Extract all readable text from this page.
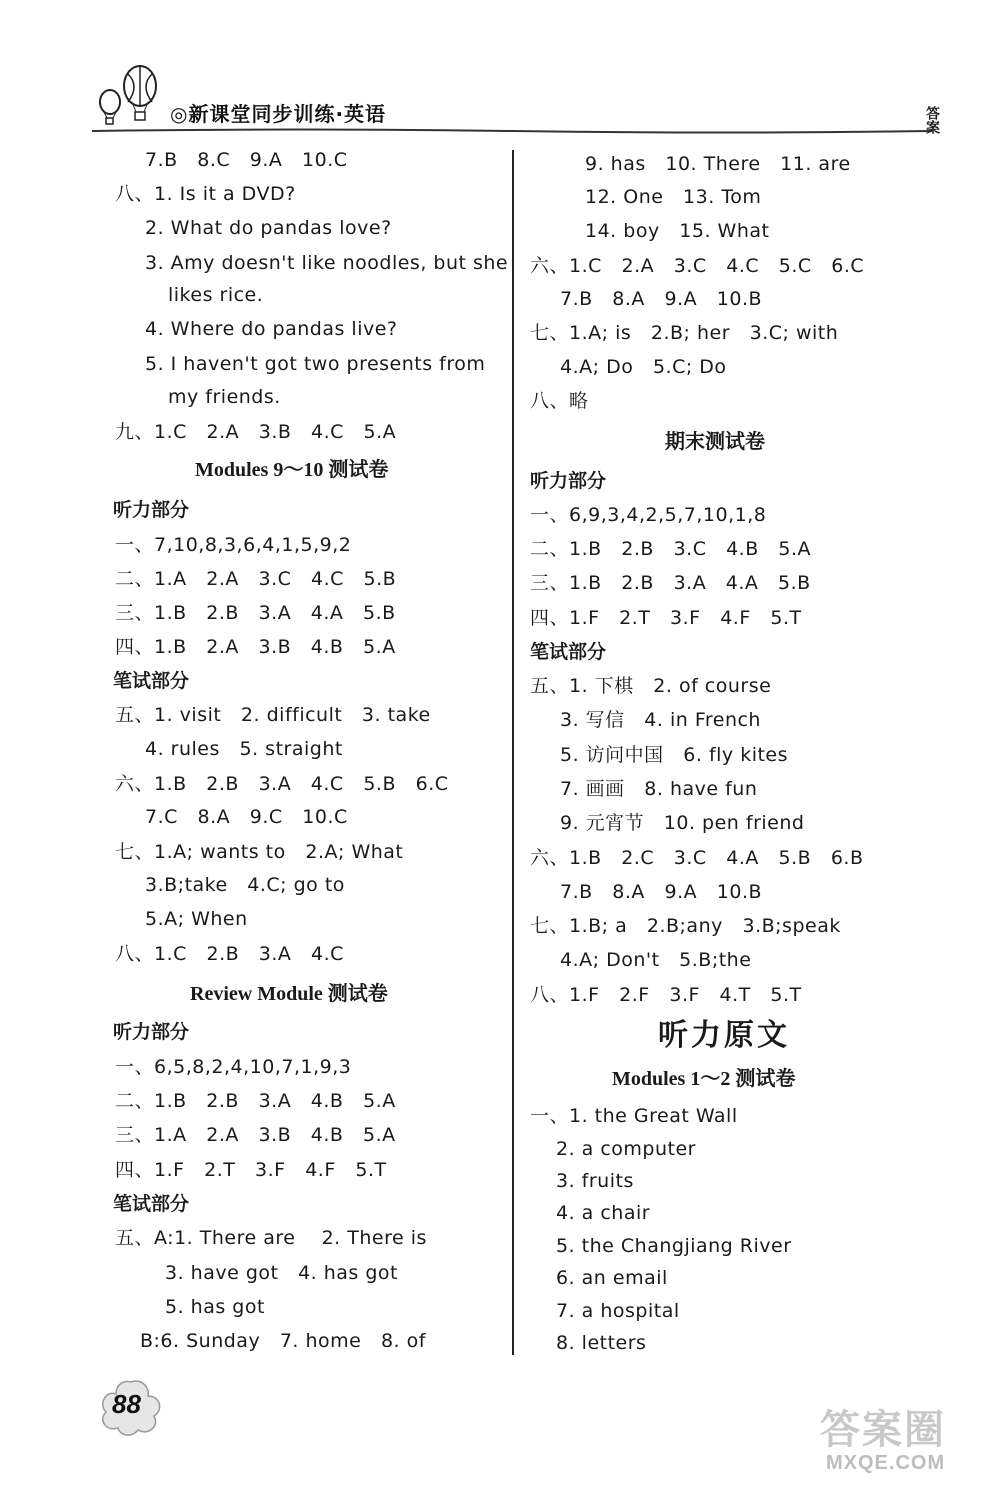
◎新课堂同步训练·英语	答案
7.B   8.C   9.A   10.C
八、1. Is it a DVD?
2. What do pandas love?
3. Amy doesn't like noodles, but she
likes rice.
4. Where do pandas live?
5. I haven't got two presents from
my friends.
九、1.C   2.A   3.B   4.C   5.A
Modules 9～10 测试卷
听力部分
一、7,10,8,3,6,4,1,5,9,2
二、1.A   2.A   3.C   4.C   5.B
三、1.B   2.B   3.A   4.A   5.B
四、1.B   2.A   3.B   4.B   5.A
笔试部分
五、1. visit   2. difficult   3. take
4. rules   5. straight
六、1.B   2.B   3.A   4.C   5.B   6.C
7.C   8.A   9.C   10.C
七、1.A; wants to   2.A; What
3.B;take   4.C; go to
5.A; When
八、1.C   2.B   3.A   4.C
Review Module 测试卷
听力部分
一、6,5,8,2,4,10,7,1,9,3
二、1.B   2.B   3.A   4.B   5.A
三、1.A   2.A   3.B   4.B   5.A
四、1.F   2.T   3.F   4.F   5.T
笔试部分
五、A:1. There are    2. There is
3. have got   4. has got
5. has got
B:6. Sunday   7. home   8. of
9. has   10. There   11. are
12. One   13. Tom
14. boy   15. What
六、1.C   2.A   3.C   4.C   5.C   6.C
7.B   8.A   9.A   10.B
七、1.A; is   2.B; her   3.C; with
4.A; Do   5.C; Do
八、略
期末测试卷
听力部分
一、6,9,3,4,2,5,7,10,1,8
二、1.B   2.B   3.C   4.B   5.A
三、1.B   2.B   3.A   4.A   5.B
四、1.F   2.T   3.F   4.F   5.T
笔试部分
五、1. 下棋   2. of course
3. 写信   4. in French
5. 访问中国   6. fly kites
7. 画画   8. have fun
9. 元宵节   10. pen friend
六、1.B   2.C   3.C   4.A   5.B   6.B
7.B   8.A   9.A   10.B
七、1.B; a   2.B;any   3.B;speak
4.A; Don't   5.B;the
八、1.F   2.F   3.F   4.T   5.T
听力原文
Modules 1～2 测试卷
一、1. the Great Wall
2. a computer
3. fruits
4. a chair
5. the Changjiang River
6. an email
7. a hospital
8. letters
88
答案圈
MXQE.COM
